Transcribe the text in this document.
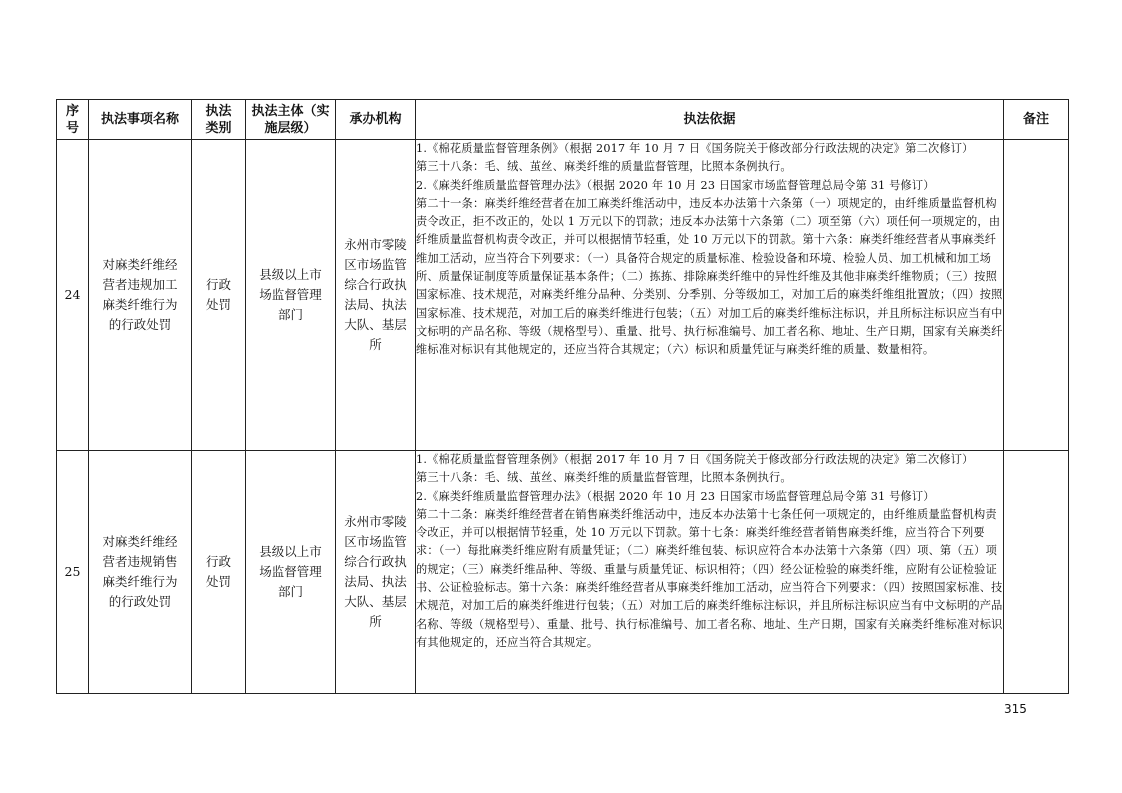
序号	执法事项名称	执法类别	执法主体（实施层级）	承办机构	执法依据	备注
24	对麻类纤维经营者违规加工麻类纤维行为的行政处罚	行政处罚	县级以上市场监督管理部门	永州市零陵区市场监管综合行政执法局、执法大队、基层所	1.《棉花质量监督管理条例》（根据 2017 年 10 月 7 日《国务院关于修改部分行政法规的决定》第二次修订）
第三十八条：毛、绒、茧丝、麻类纤维的质量监督管理，比照本条例执行。
2.《麻类纤维质量监督管理办法》（根据 2020 年 10 月 23 日国家市场监督管理总局令第 31 号修订）
第二十一条：麻类纤维经营者在加工麻类纤维活动中，违反本办法第十六条第（一）项规定的，由纤维质量监督机构责令改正，拒不改正的，处以 1 万元以下的罚款；违反本办法第十六条第（二）项至第（六）项任何一项规定的，由纤维质量监督机构责令改正，并可以根据情节轻重，处 10 万元以下的罚款。第十六条：麻类纤维经营者从事麻类纤维加工活动，应当符合下列要求：（一）具备符合规定的质量标准、检验设备和环境、检验人员、加工机械和加工场所、质量保证制度等质量保证基本条件；（二）拣拣、排除麻类纤维中的异性纤维及其他非麻类纤维物质；（三）按照国家标准、技术规范，对麻类纤维分品种、分类别、分季别、分等级加工，对加工后的麻类纤维组批置放；（四）按照国家标准、技术规范，对加工后的麻类纤维进行包装；（五）对加工后的麻类纤维标注标识，并且所标注标识应当有中文标明的产品名称、等级（规格型号）、重量、批号、执行标准编号、加工者名称、地址、生产日期，国家有关麻类纤维标准对标识有其他规定的，还应当符合其规定；（六）标识和质量凭证与麻类纤维的质量、数量相符。	

25	对麻类纤维经营者违规销售麻类纤维行为的行政处罚	行政处罚	县级以上市场监督管理部门	永州市零陵区市场监管综合行政执法局、执法大队、基层所	1.《棉花质量监督管理条例》（根据 2017 年 10 月 7 日《国务院关于修改部分行政法规的决定》第二次修订）
第三十八条：毛、绒、茧丝、麻类纤维的质量监督管理，比照本条例执行。
2.《麻类纤维质量监督管理办法》（根据 2020 年 10 月 23 日国家市场监督管理总局令第 31 号修订）
第二十二条：麻类纤维经营者在销售麻类纤维活动中，违反本办法第十七条任何一项规定的，由纤维质量监督机构责令改正，并可以根据情节轻重，处 10 万元以下罚款。第十七条：麻类纤维经营者销售麻类纤维，应当符合下列要求：（一）每批麻类纤维应附有质量凭证；（二）麻类纤维包装、标识应符合本办法第十六条第（四）项、第（五）项的规定；（三）麻类纤维品种、等级、重量与质量凭证、标识相符；（四）经公证检验的麻类纤维，应附有公证检验证书、公证检验标志。第十六条：麻类纤维经营者从事麻类纤维加工活动，应当符合下列要求：（四）按照国家标准、技术规范，对加工后的麻类纤维进行包装；（五）对加工后的麻类纤维标注标识，并且所标注标识应当有中文标明的产品名称、等级（规格型号）、重量、批号、执行标准编号、加工者名称、地址、生产日期，国家有关麻类纤维标准对标识有其他规定的，还应当符合其规定。	

315
